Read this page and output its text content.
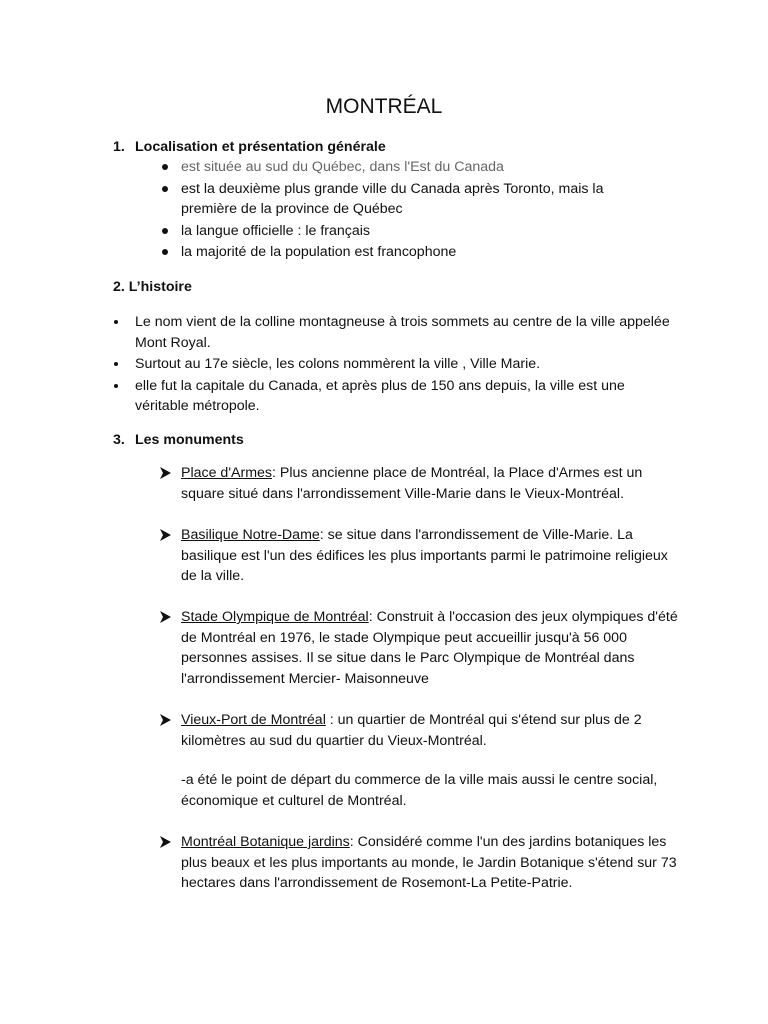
MONTRÉAL
1. Localisation et présentation générale
est située au sud du Québec, dans l'Est du Canada
est la deuxième plus grande ville du Canada après Toronto, mais la première de la province de Québec
la langue officielle : le français
la majorité de la population est francophone
2. L’histoire
Le nom vient de la colline montagneuse à trois sommets au centre de la ville appelée Mont Royal.
Surtout au 17e siècle, les colons nommèrent la ville , Ville Marie.
elle fut la capitale du Canada, et après plus de 150 ans depuis, la ville est une véritable métropole.
3. Les monuments
Place d'Armes: Plus ancienne place de Montréal, la Place d'Armes est un square situé dans l'arrondissement Ville-Marie dans le Vieux-Montréal.
Basilique Notre-Dame: se situe dans l'arrondissement de Ville-Marie. La basilique est l'un des édifices les plus importants parmi le patrimoine religieux de la ville.
Stade Olympique de Montréal: Construit à l'occasion des jeux olympiques d'été de Montréal en 1976, le stade Olympique peut accueillir jusqu'à 56 000 personnes assises. Il se situe dans le Parc Olympique de Montréal dans l'arrondissement Mercier- Maisonneuve
Vieux-Port de Montréal : un quartier de Montréal qui s'étend sur plus de 2 kilomètres au sud du quartier du Vieux-Montréal.
-a été le point de départ du commerce de la ville mais aussi le centre social, économique et culturel de Montréal.
Montréal Botanique jardins: Considéré comme l'un des jardins botaniques les plus beaux et les plus importants au monde, le Jardin Botanique s'étend sur 73 hectares dans l'arrondissement de Rosemont-La Petite-Patrie.
